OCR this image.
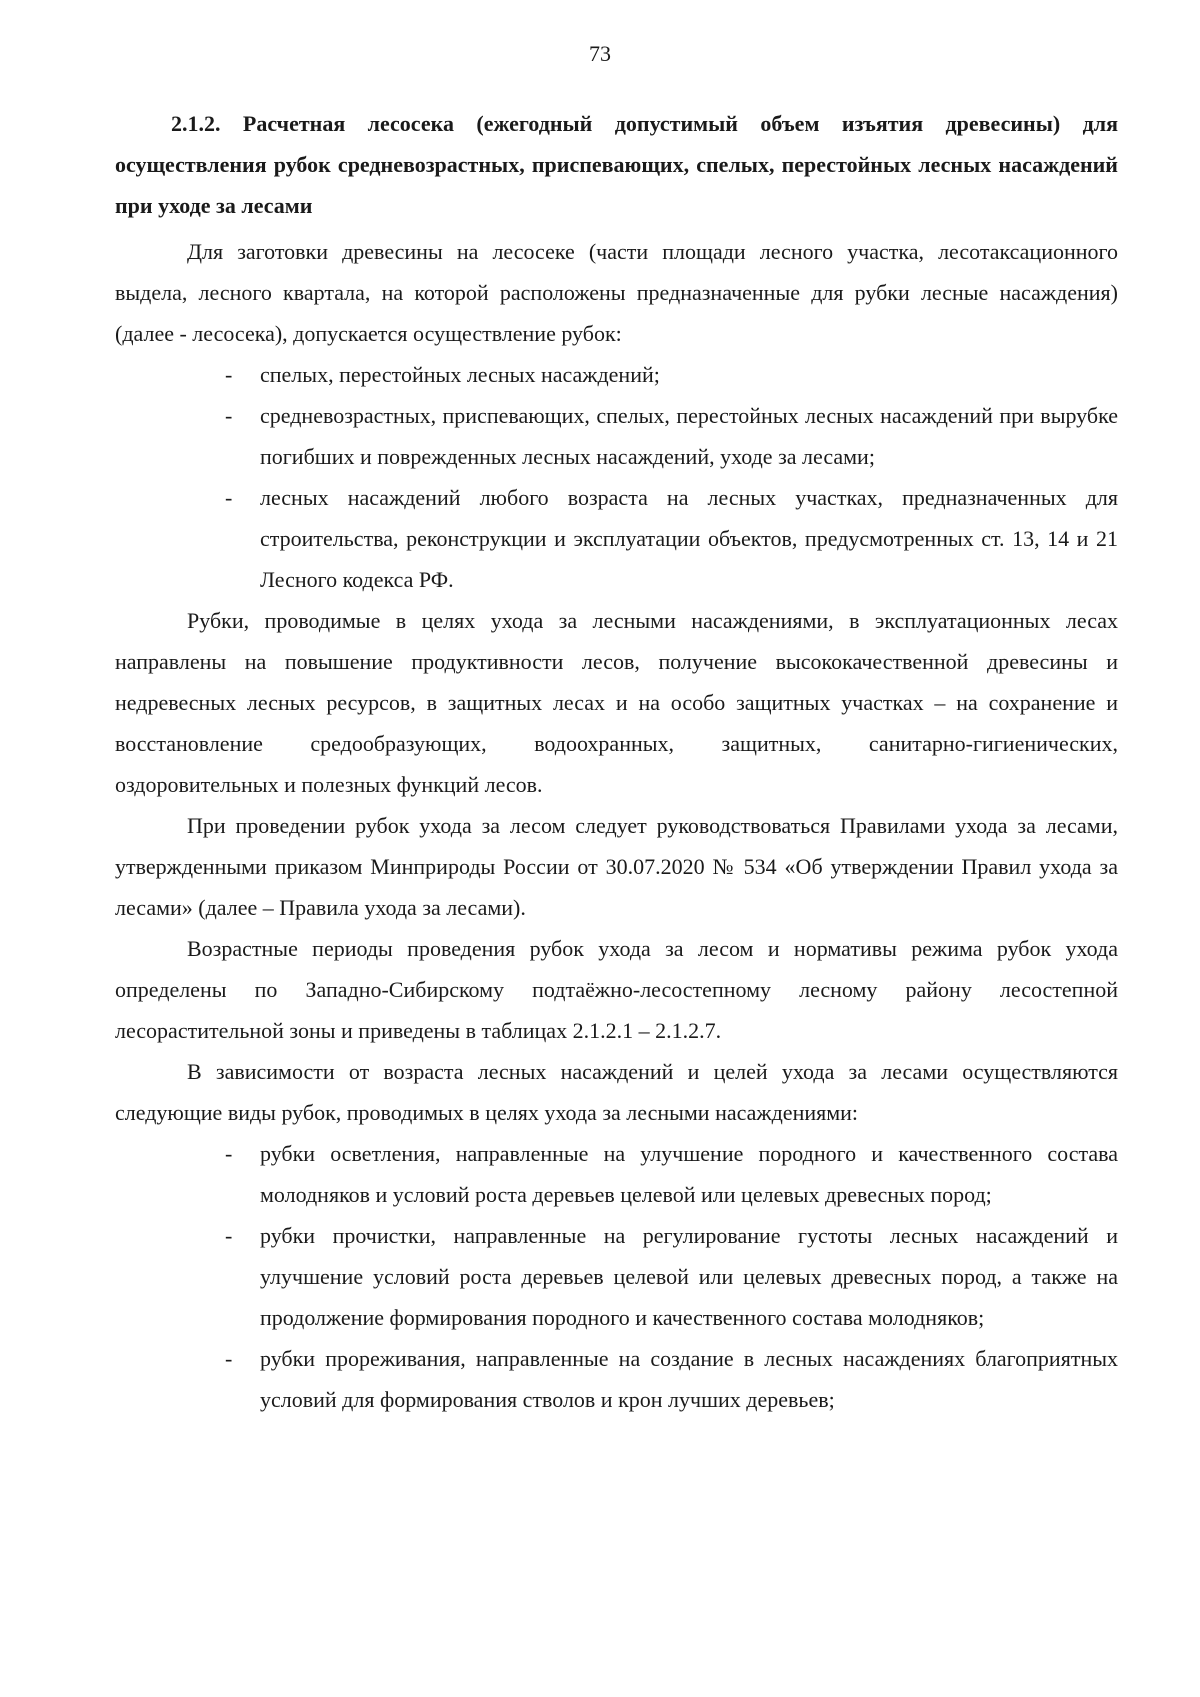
73

2.1.2. Расчетная лесосека (ежегодный допустимый объем изъятия древесины) для осуществления рубок средневозрастных, приспевающих, спелых, перестойных лесных насаждений при уходе за лесами

Для заготовки древесины на лесосеке (части площади лесного участка, лесотаксационного выдела, лесного квартала, на которой расположены предназначенные для рубки лесные насаждения) (далее - лесосека), допускается осуществление рубок:

- спелых, перестойных лесных насаждений;
- средневозрастных, приспевающих, спелых, перестойных лесных насаждений при вырубке погибших и поврежденных лесных насаждений, уходе за лесами;
- лесных насаждений любого возраста на лесных участках, предназначенных для строительства, реконструкции и эксплуатации объектов, предусмотренных ст. 13, 14 и 21 Лесного кодекса РФ.

Рубки, проводимые в целях ухода за лесными насаждениями, в эксплуатационных лесах направлены на повышение продуктивности лесов, получение высококачественной древесины и недревесных лесных ресурсов, в защитных лесах и на особо защитных участках – на сохранение и восстановление средообразующих, водоохранных, защитных, санитарно-гигиенических, оздоровительных и полезных функций лесов.

При проведении рубок ухода за лесом следует руководствоваться Правилами ухода за лесами, утвержденными приказом Минприроды России от 30.07.2020 № 534 «Об утверждении Правил ухода за лесами» (далее – Правила ухода за лесами).

Возрастные периоды проведения рубок ухода за лесом и нормативы режима рубок ухода определены по Западно-Сибирскому подтаёжно-лесостепному лесному району лесостепной лесорастительной зоны и приведены в таблицах 2.1.2.1 – 2.1.2.7.

В зависимости от возраста лесных насаждений и целей ухода за лесами осуществляются следующие виды рубок, проводимых в целях ухода за лесными насаждениями:

- рубки осветления, направленные на улучшение породного и качественного состава молодняков и условий роста деревьев целевой или целевых древесных пород;
- рубки прочистки, направленные на регулирование густоты лесных насаждений и улучшение условий роста деревьев целевой или целевых древесных пород, а также на продолжение формирования породного и качественного состава молодняков;
- рубки прореживания, направленные на создание в лесных насаждениях благоприятных условий для формирования стволов и крон лучших деревьев;
